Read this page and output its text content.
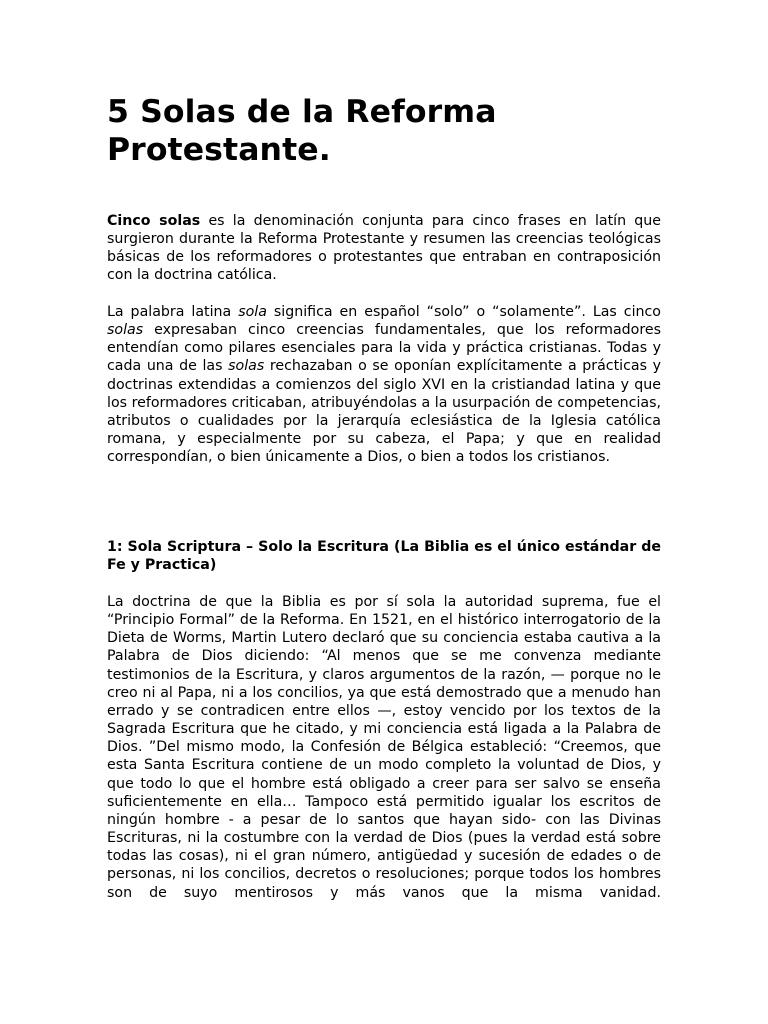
5 Solas de la Reforma Protestante.

Cinco solas es la denominación conjunta para cinco frases en latín que surgieron durante la Reforma Protestante y resumen las creencias teológicas básicas de los reformadores o protestantes que entraban en contraposición con la doctrina católica.

La palabra latina sola significa en español “solo” o “solamente”. Las cinco solas expresaban cinco creencias fundamentales, que los reformadores entendían como pilares esenciales para la vida y práctica cristianas. Todas y cada una de las solas rechazaban o se oponían explícitamente a prácticas y doctrinas extendidas a comienzos del siglo XVI en la cristiandad latina y que los reformadores criticaban, atribuyéndolas a la usurpación de competencias, atributos o cualidades por la jerarquía eclesiástica de la Iglesia católica romana, y especialmente por su cabeza, el Papa; y que en realidad correspondían, o bien únicamente a Dios, o bien a todos los cristianos.

1: Sola Scriptura – Solo la Escritura (La Biblia es el único estándar de Fe y Practica)

La doctrina de que la Biblia es por sí sola la autoridad suprema, fue el “Principio Formal” de la Reforma. En 1521, en el histórico interrogatorio de la Dieta de Worms, Martin Lutero declaró que su conciencia estaba cautiva a la Palabra de Dios diciendo: “Al menos que se me convenza mediante testimonios de la Escritura, y claros argumentos de la razón, — porque no le creo ni al Papa, ni a los concilios, ya que está demostrado que a menudo han errado y se contradicen entre ellos —, estoy vencido por los textos de la Sagrada Escritura que he citado, y mi conciencia está ligada a la Palabra de Dios. ”Del mismo modo, la Confesión de Bélgica estableció: “Creemos, que esta Santa Escritura contiene de un modo completo la voluntad de Dios, y que todo lo que el hombre está obligado a creer para ser salvo se enseña suficientemente en ella… Tampoco está permitido igualar los escritos de ningún hombre - a pesar de lo santos que hayan sido- con las Divinas Escrituras, ni la costumbre con la verdad de Dios (pues la verdad está sobre todas las cosas), ni el gran número, antigüedad y sucesión de edades o de personas, ni los concilios, decretos o resoluciones; porque todos los hombres son de suyo mentirosos y más vanos que la misma vanidad.
